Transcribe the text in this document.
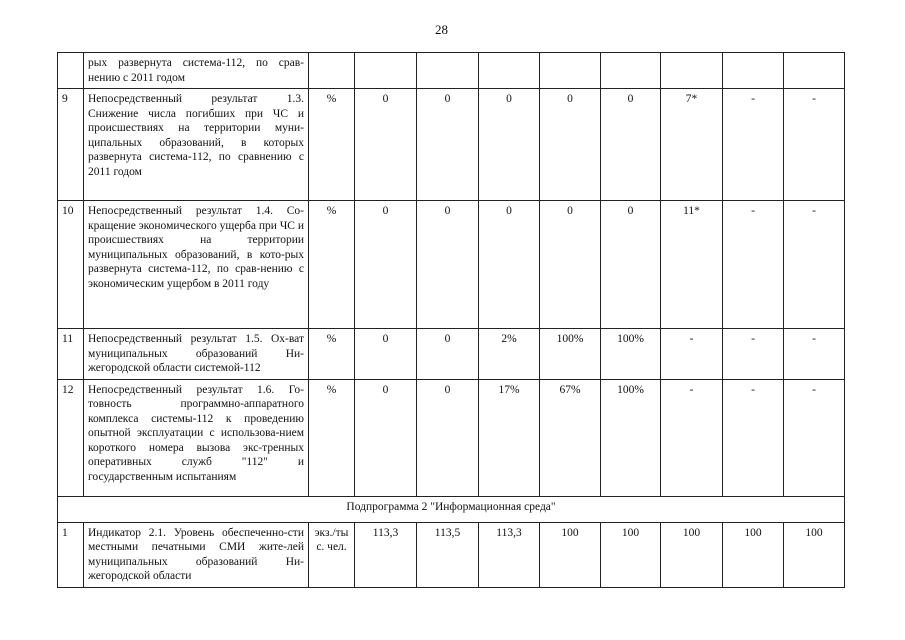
28
	рых развернута система-112, по срав-нению с 2011 годом									
9	Непосредственный результат 1.3. Снижение числа погибших при ЧС и происшествиях на территории муни-ципальных образований, в которых развернута система-112, по сравнению с 2011 годом	%	0	0	0	0	0	7*	-	-
10	Непосредственный результат 1.4. Со-кращение экономического ущерба при ЧС и происшествиях на территории муниципальных образований, в кото-рых развернута система-112, по срав-нению с экономическим ущербом в 2011 году	%	0	0	0	0	0	11*	-	-
11	Непосредственный результат 1.5. Ох-ват муниципальных образований Ни-жегородской области системой-112	%	0	0	2%	100%	100%	-	-	-
12	Непосредственный результат 1.6. Го-товность программно-аппаратного комплекса системы-112 к проведению опытной эксплуатации с использова-нием короткого номера вызова экс-тренных оперативных служб "112" и государственным испытаниям	%	0	0	17%	67%	100%	-	-	-
Подпрограмма 2 "Информационная среда"										
1	Индикатор 2.1. Уровень обеспеченно-сти местными печатными СМИ жите-лей муниципальных образований Ни-жегородской области	экз./ты с. чел.	113,3	113,5	113,3	100	100	100	100	100
